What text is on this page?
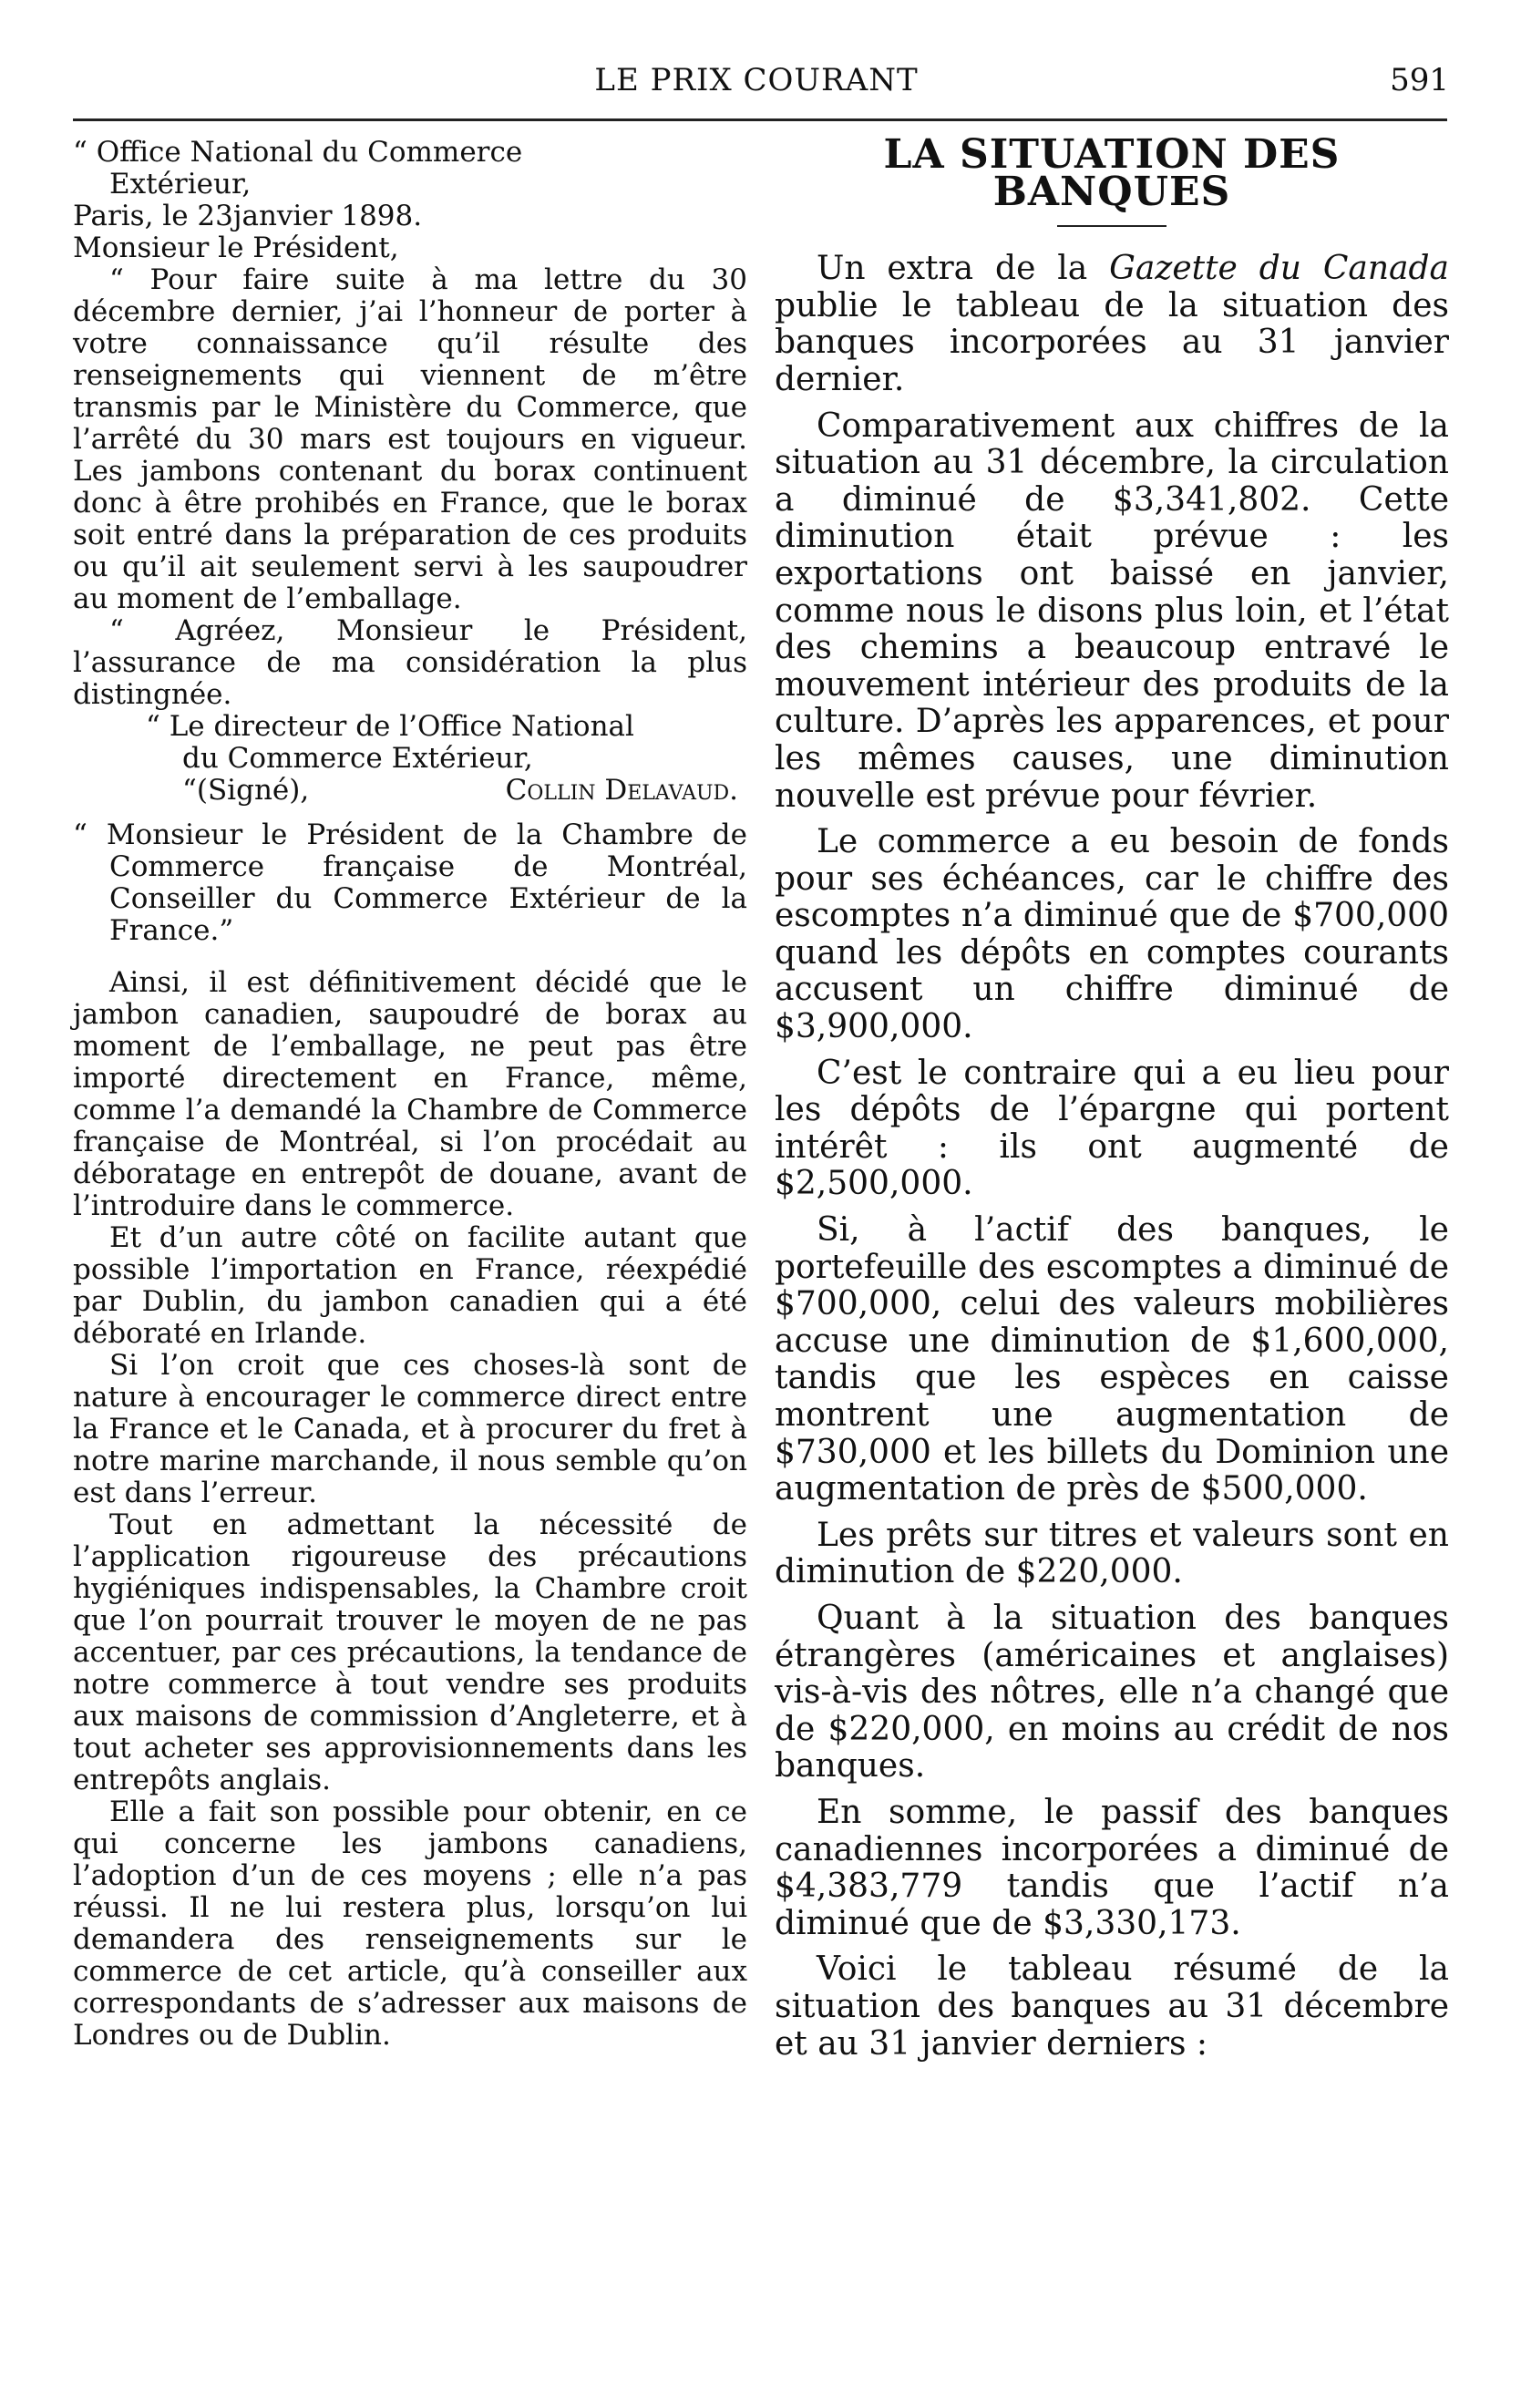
LE PRIX COURANT	591

“ Office National du Commerce

Extérieur,

Paris, le 23janvier 1898.

Monsieur le Président,

“ Pour faire suite à ma lettre du 30 décembre dernier, j’ai l’honneur de porter à votre connaissance qu’il résulte des renseignements qui viennent de m’être transmis par le Ministère du Commerce, que l’arrêté du 30 mars est toujours en vigueur. Les jambons contenant du borax continuent donc à être prohibés en France, que le borax soit entré dans la préparation de ces produits ou qu’il ait seulement servi à les saupoudrer au moment de l’emballage.

“ Agréez, Monsieur le Président, l’assurance de ma considération la plus distingnée.

“ Le directeur de l’Office National

du Commerce Extérieur,

“(Signé),	Collin Delavaud.

“ Monsieur le Président de la Chambre de Commerce française de Montréal, Conseiller du Commerce Extérieur de la France.”

Ainsi, il est définitivement décidé que le jambon canadien, saupoudré de borax au moment de l’emballage, ne peut pas être importé directement en France, même, comme l’a demandé la Chambre de Commerce française de Montréal, si l’on procédait au déboratage en entrepôt de douane, avant de l’introduire dans le commerce.

Et d’un autre côté on facilite autant que possible l’importation en France, réexpédié par Dublin, du jambon canadien qui a été déboraté en Irlande.

Si l’on croit que ces choses-là sont de nature à encourager le commerce direct entre la France et le Canada, et à procurer du fret à notre marine marchande, il nous semble qu’on est dans l’erreur.

Tout en admettant la nécessité de l’application rigoureuse des précautions hygiéniques indispensables, la Chambre croit que l’on pourrait trouver le moyen de ne pas accentuer, par ces précautions, la tendance de notre commerce à tout vendre ses produits aux maisons de commission d’Angleterre, et à tout acheter ses approvisionnements dans les entrepôts anglais.

Elle a fait son possible pour obtenir, en ce qui concerne les jambons canadiens, l’adoption d’un de ces moyens ; elle n’a pas réussi. Il ne lui restera plus, lorsqu’on lui demandera des renseignements sur le commerce de cet article, qu’à conseiller aux correspondants de s’adresser aux maisons de Londres ou de Dublin.

LA SITUATION DES BANQUES

Un extra de la Gazette du Canada publie le tableau de la situation des banques incorporées au 31 janvier dernier.

Comparativement aux chiffres de la situation au 31 décembre, la circulation a diminué de $3,341,802. Cette diminution était prévue : les exportations ont baissé en janvier, comme nous le disons plus loin, et l’état des chemins a beaucoup entravé le mouvement intérieur des produits de la culture. D’après les apparences, et pour les mêmes causes, une diminution nouvelle est prévue pour février.

Le commerce a eu besoin de fonds pour ses échéances, car le chiffre des escomptes n’a diminué que de $700,000 quand les dépôts en comptes courants accusent un chiffre diminué de $3,900,000.

C’est le contraire qui a eu lieu pour les dépôts de l’épargne qui portent intérêt : ils ont augmenté de $2,500,000.

Si, à l’actif des banques, le portefeuille des escomptes a diminué de $700,000, celui des valeurs mobilières accuse une diminution de $1,600,000, tandis que les espèces en caisse montrent une augmentation de $730,000 et les billets du Dominion une augmentation de près de $500,000.

Les prêts sur titres et valeurs sont en diminution de $220,000.

Quant à la situation des banques étrangères (américaines et anglaises) vis-à-vis des nôtres, elle n’a changé que de $220,000, en moins au crédit de nos banques.

En somme, le passif des banques canadiennes incorporées a diminué de $4,383,779 tandis que l’actif n’a diminué que de $3,330,173.

Voici le tableau résumé de la situation des banques au 31 décembre et au 31 janvier derniers :
